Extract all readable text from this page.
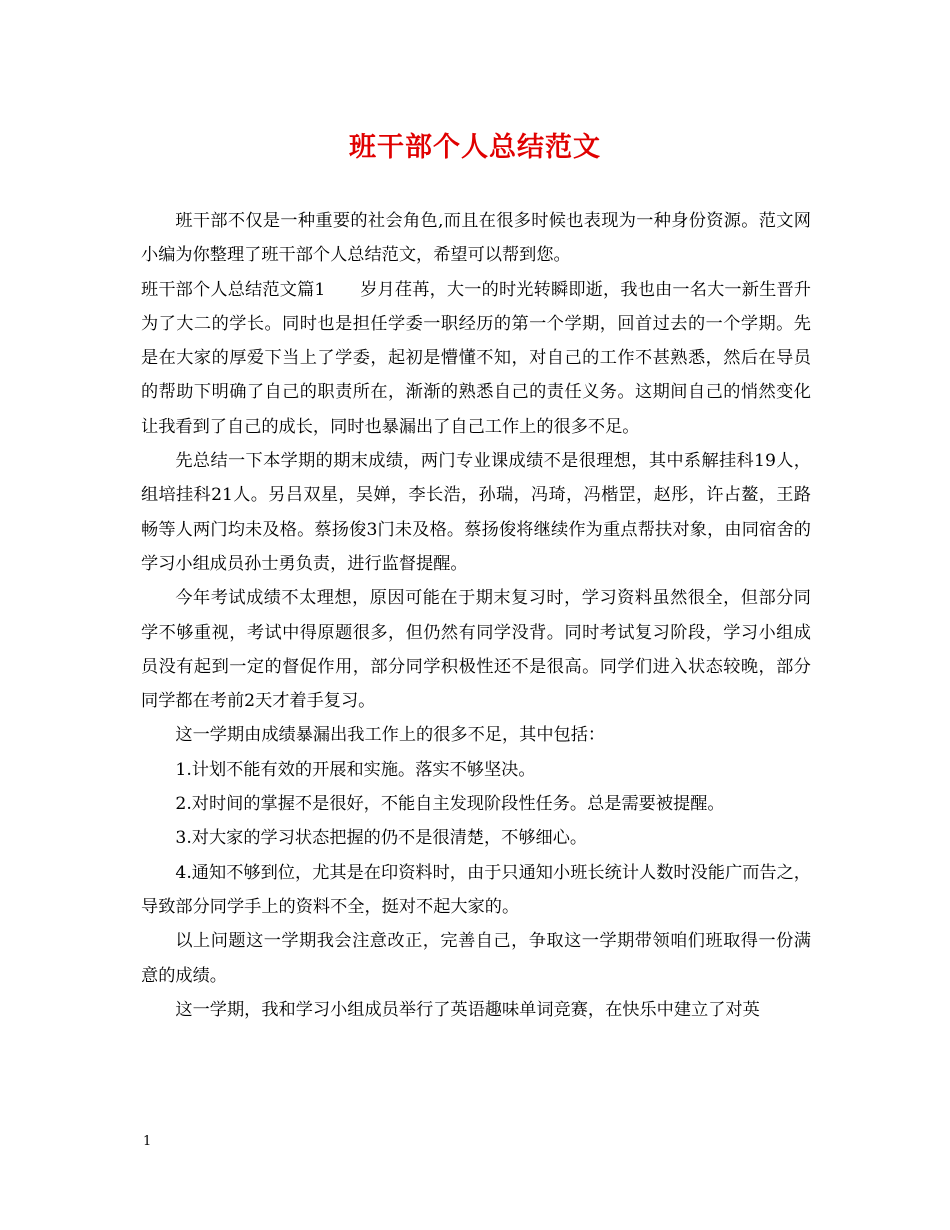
班干部个人总结范文

班干部不仅是一种重要的社会角色,而且在很多时候也表现为一种身份资源。范文网小编为你整理了班干部个人总结范文，希望可以帮到您。

班干部个人总结范文篇1　　岁月荏苒，大一的时光转瞬即逝，我也由一名大一新生晋升为了大二的学长。同时也是担任学委一职经历的第一个学期，回首过去的一个学期。先是在大家的厚爱下当上了学委，起初是懵懂不知，对自己的工作不甚熟悉，然后在导员的帮助下明确了自己的职责所在，渐渐的熟悉自己的责任义务。这期间自己的悄然变化让我看到了自己的成长，同时也暴漏出了自己工作上的很多不足。

先总结一下本学期的期末成绩，两门专业课成绩不是很理想，其中系解挂科19人，组培挂科21人。另吕双星，吴婵，李长浩，孙瑞，冯琦，冯楷罡，赵彤，许占鳌，王路畅等人两门均未及格。蔡扬俊3门未及格。蔡扬俊将继续作为重点帮扶对象，由同宿舍的学习小组成员孙士勇负责，进行监督提醒。

今年考试成绩不太理想，原因可能在于期末复习时，学习资料虽然很全，但部分同学不够重视，考试中得原题很多，但仍然有同学没背。同时考试复习阶段，学习小组成员没有起到一定的督促作用，部分同学积极性还不是很高。同学们进入状态较晚，部分同学都在考前2天才着手复习。

这一学期由成绩暴漏出我工作上的很多不足，其中包括：

1.计划不能有效的开展和实施。落实不够坚决。

2.对时间的掌握不是很好，不能自主发现阶段性任务。总是需要被提醒。

3.对大家的学习状态把握的仍不是很清楚，不够细心。

4.通知不够到位，尤其是在印资料时，由于只通知小班长统计人数时没能广而告之，导致部分同学手上的资料不全，挺对不起大家的。

以上问题这一学期我会注意改正，完善自己，争取这一学期带领咱们班取得一份满意的成绩。

这一学期，我和学习小组成员举行了英语趣味单词竞赛，在快乐中建立了对英

1
